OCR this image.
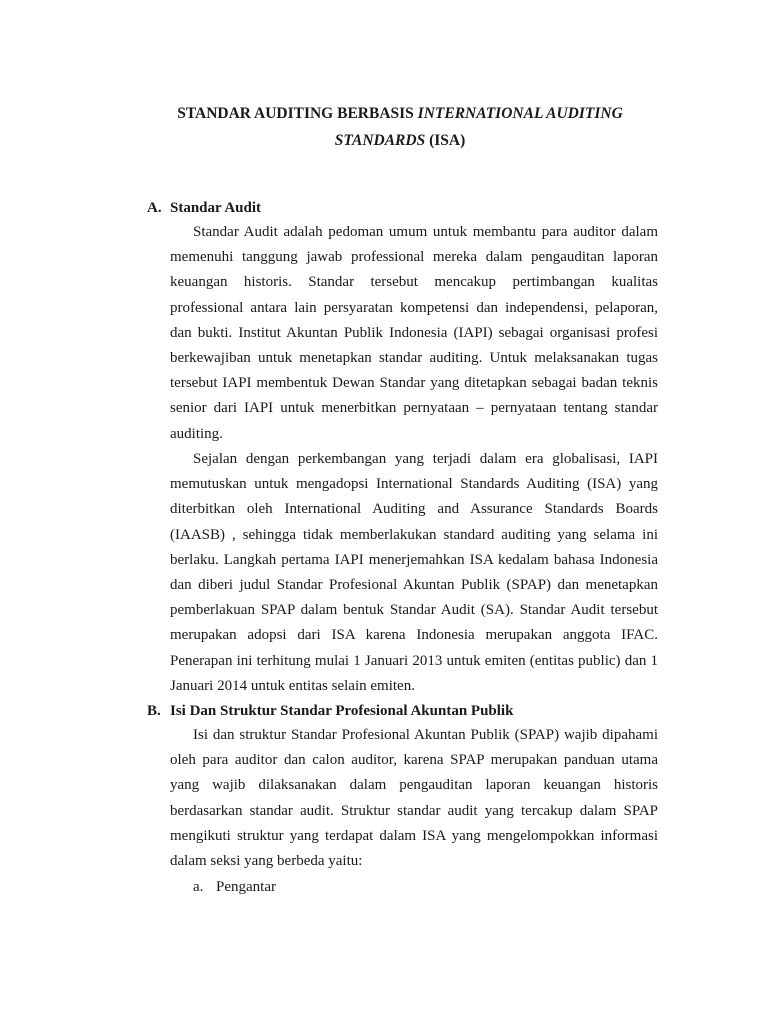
STANDAR AUDITING BERBASIS INTERNATIONAL AUDITING
STANDARDS (ISA)
A. Standar Audit

Standar Audit adalah pedoman umum untuk membantu para auditor dalam memenuhi tanggung jawab professional mereka dalam pengauditan laporan keuangan historis. Standar tersebut mencakup pertimbangan kualitas professional antara lain persyaratan kompetensi dan independensi, pelaporan, dan bukti. Institut Akuntan Publik Indonesia (IAPI) sebagai organisasi profesi berkewajiban untuk menetapkan standar auditing. Untuk melaksanakan tugas tersebut IAPI membentuk Dewan Standar yang ditetapkan sebagai badan teknis senior dari IAPI untuk menerbitkan pernyataan – pernyataan tentang standar auditing.

Sejalan dengan perkembangan yang terjadi dalam era globalisasi, IAPI memutuskan untuk mengadopsi International Standards Auditing (ISA) yang diterbitkan oleh International Auditing and Assurance Standards Boards (IAASB) , sehingga tidak memberlakukan standard auditing yang selama ini berlaku. Langkah pertama IAPI menerjemahkan ISA kedalam bahasa Indonesia dan diberi judul Standar Profesional Akuntan Publik (SPAP) dan menetapkan pemberlakuan SPAP dalam bentuk Standar Audit (SA). Standar Audit tersebut merupakan adopsi dari ISA karena Indonesia merupakan anggota IFAC. Penerapan ini terhitung mulai 1 Januari 2013 untuk emiten (entitas public) dan 1 Januari 2014 untuk entitas selain emiten.

B. Isi Dan Struktur Standar Profesional Akuntan Publik

Isi dan struktur Standar Profesional Akuntan Publik (SPAP) wajib dipahami oleh para auditor dan calon auditor, karena SPAP merupakan panduan utama yang wajib dilaksanakan dalam pengauditan laporan keuangan historis berdasarkan standar audit. Struktur standar audit yang tercakup dalam SPAP mengikuti struktur yang terdapat dalam ISA yang mengelompokkan informasi dalam seksi yang berbeda yaitu:

a. Pengantar
